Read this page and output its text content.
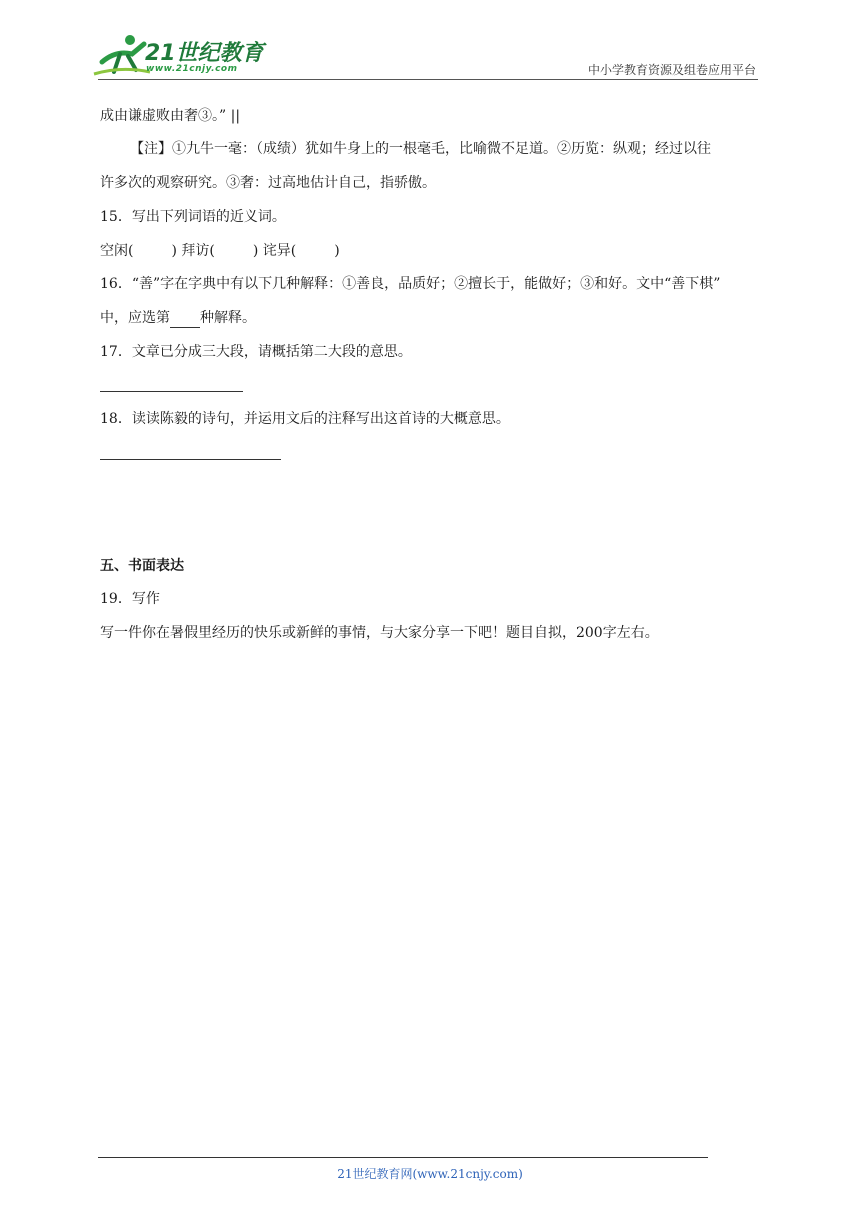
21世纪教育
www.21cnjy.com	中小学教育资源及组卷应用平台
成由谦虚败由奢③。” ||
【注】①九牛一毫：（成绩）犹如牛身上的一根毫毛，比喻微不足道。②历览：纵观；经过以往
许多次的观察研究。③奢：过高地估计自己，指骄傲。
15．写出下列词语的近义词。
空闲(	) 拜访(	) 诧异(	)
16．“善”字在字典中有以下几种解释：①善良，品质好；②擅长于，能做好；③和好。文中“善下棋”
中，应选第 种解释。
17．文章已分成三大段，请概括第二大段的意思。
18．读读陈毅的诗句，并运用文后的注释写出这首诗的大概意思。
五、书面表达
19．写作
写一件你在暑假里经历的快乐或新鲜的事情，与大家分享一下吧！题目自拟，200字左右。
21世纪教育网(www.21cnjy.com)
